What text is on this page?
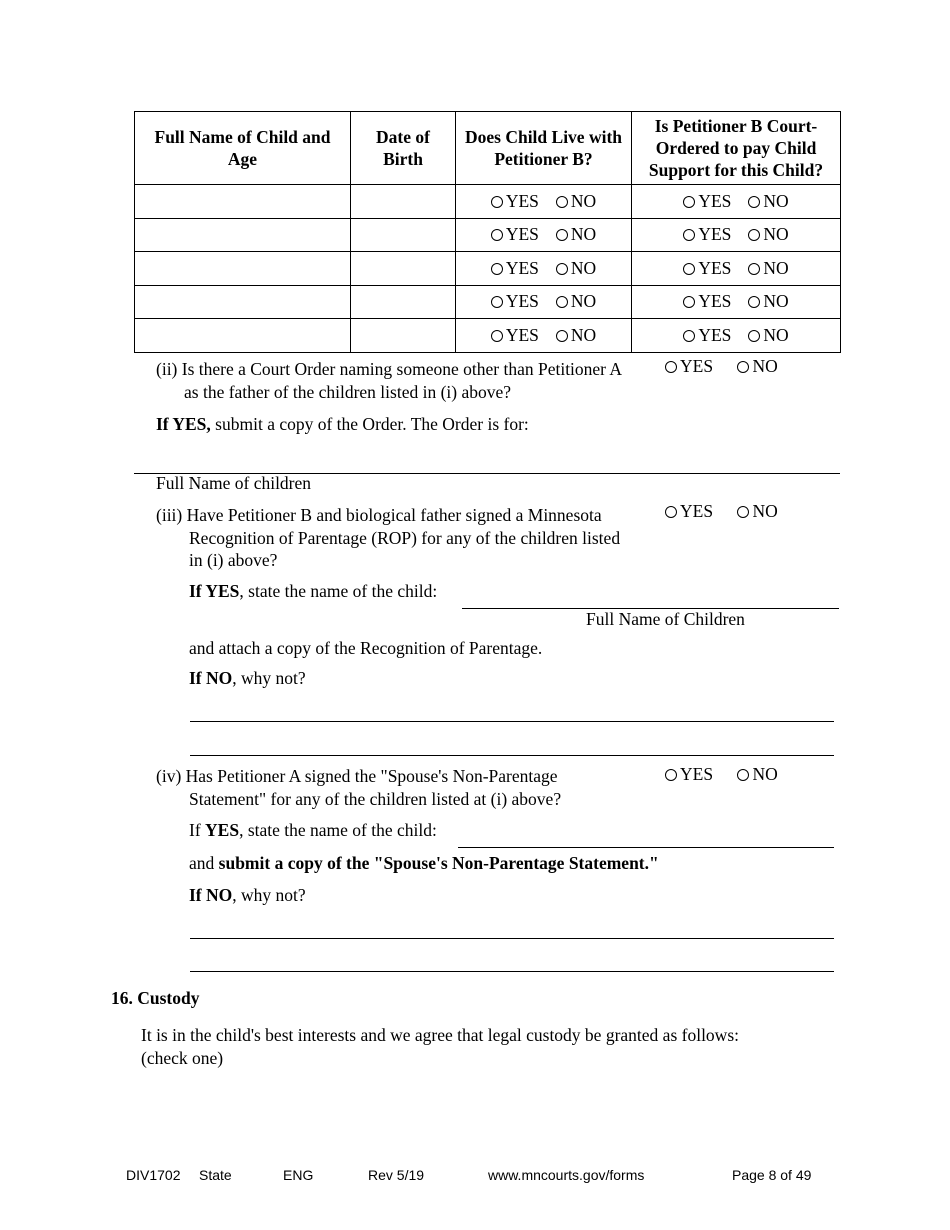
Full Name of Child and Age	Date of Birth	Does Child Live with Petitioner B?	Is Petitioner B Court-Ordered to pay Child Support for this Child?
		YES NO	YES NO
		YES NO	YES NO
		YES NO	YES NO
		YES NO	YES NO
		YES NO	YES NO
(ii) Is there a Court Order naming someone other than Petitioner A
as the father of the children listed in (i) above?
YES NO
If YES, submit a copy of the Order. The Order is for:
Full Name of children
(iii) Have Petitioner B and biological father signed a Minnesota
Recognition of Parentage (ROP) for any of the children listed
in (i) above?
YES NO
If YES, state the name of the child:
Full Name of Children
and attach a copy of the Recognition of Parentage.
If NO, why not?
(iv) Has Petitioner A signed the "Spouse's Non-Parentage
Statement" for any of the children listed at (i) above?
YES NO
If YES, state the name of the child:
and submit a copy of the "Spouse's Non-Parentage Statement."
If NO, why not?
16. Custody
It is in the child's best interests and we agree that legal custody be granted as follows:
(check one)
DIV1702 State	ENG	Rev 5/19	www.mncourts.gov/forms	Page 8 of 49
